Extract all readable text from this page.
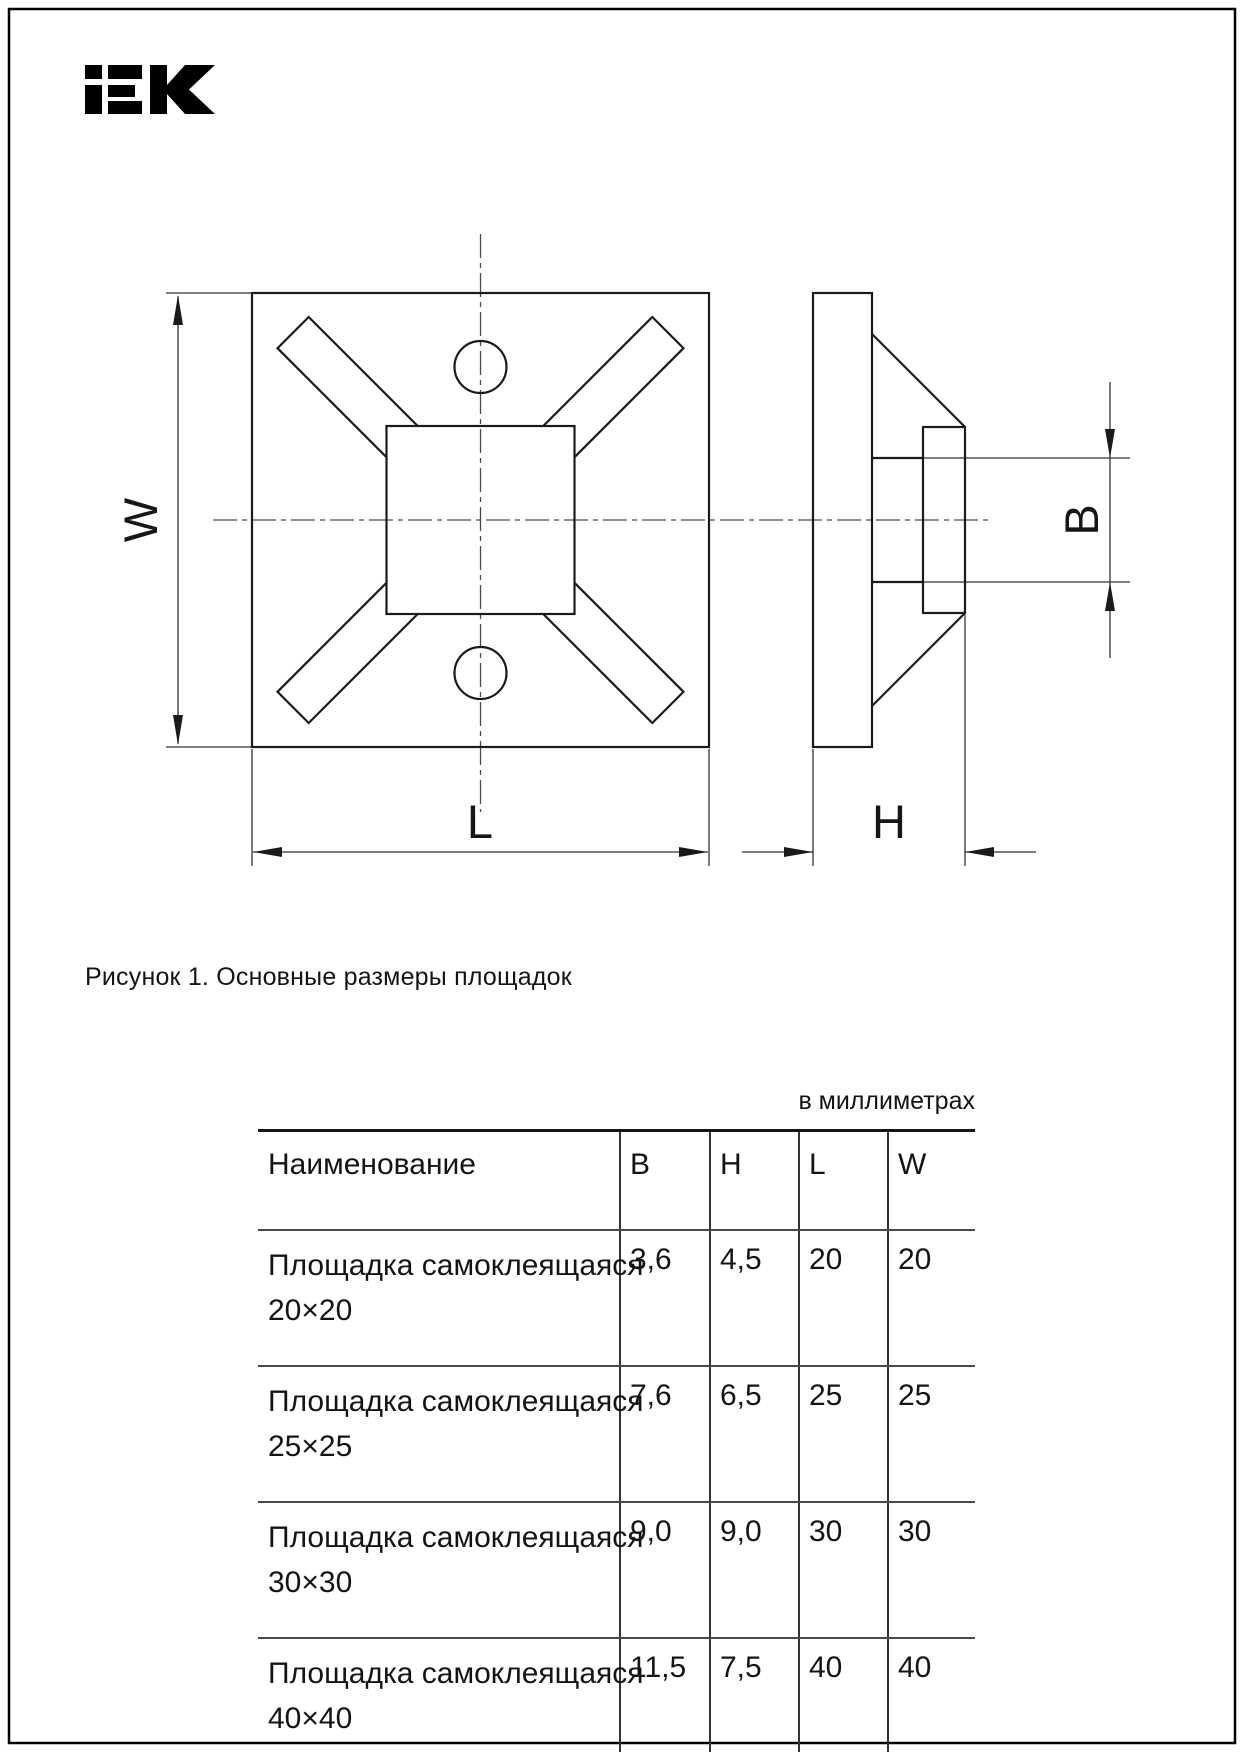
W
L	H
B
Рисунок 1. Основные размеры площадок
в миллиметрах
Наименование	B	H	L	W

Площадка самоклеящаяся
20×20	3,6	4,5	20	20

Площадка самоклеящаяся
25×25	7,6	6,5	25	25

Площадка самоклеящаяся
30×30	9,0	9,0	30	30

Площадка самоклеящаяся
40×40	11,5	7,5	40	40
